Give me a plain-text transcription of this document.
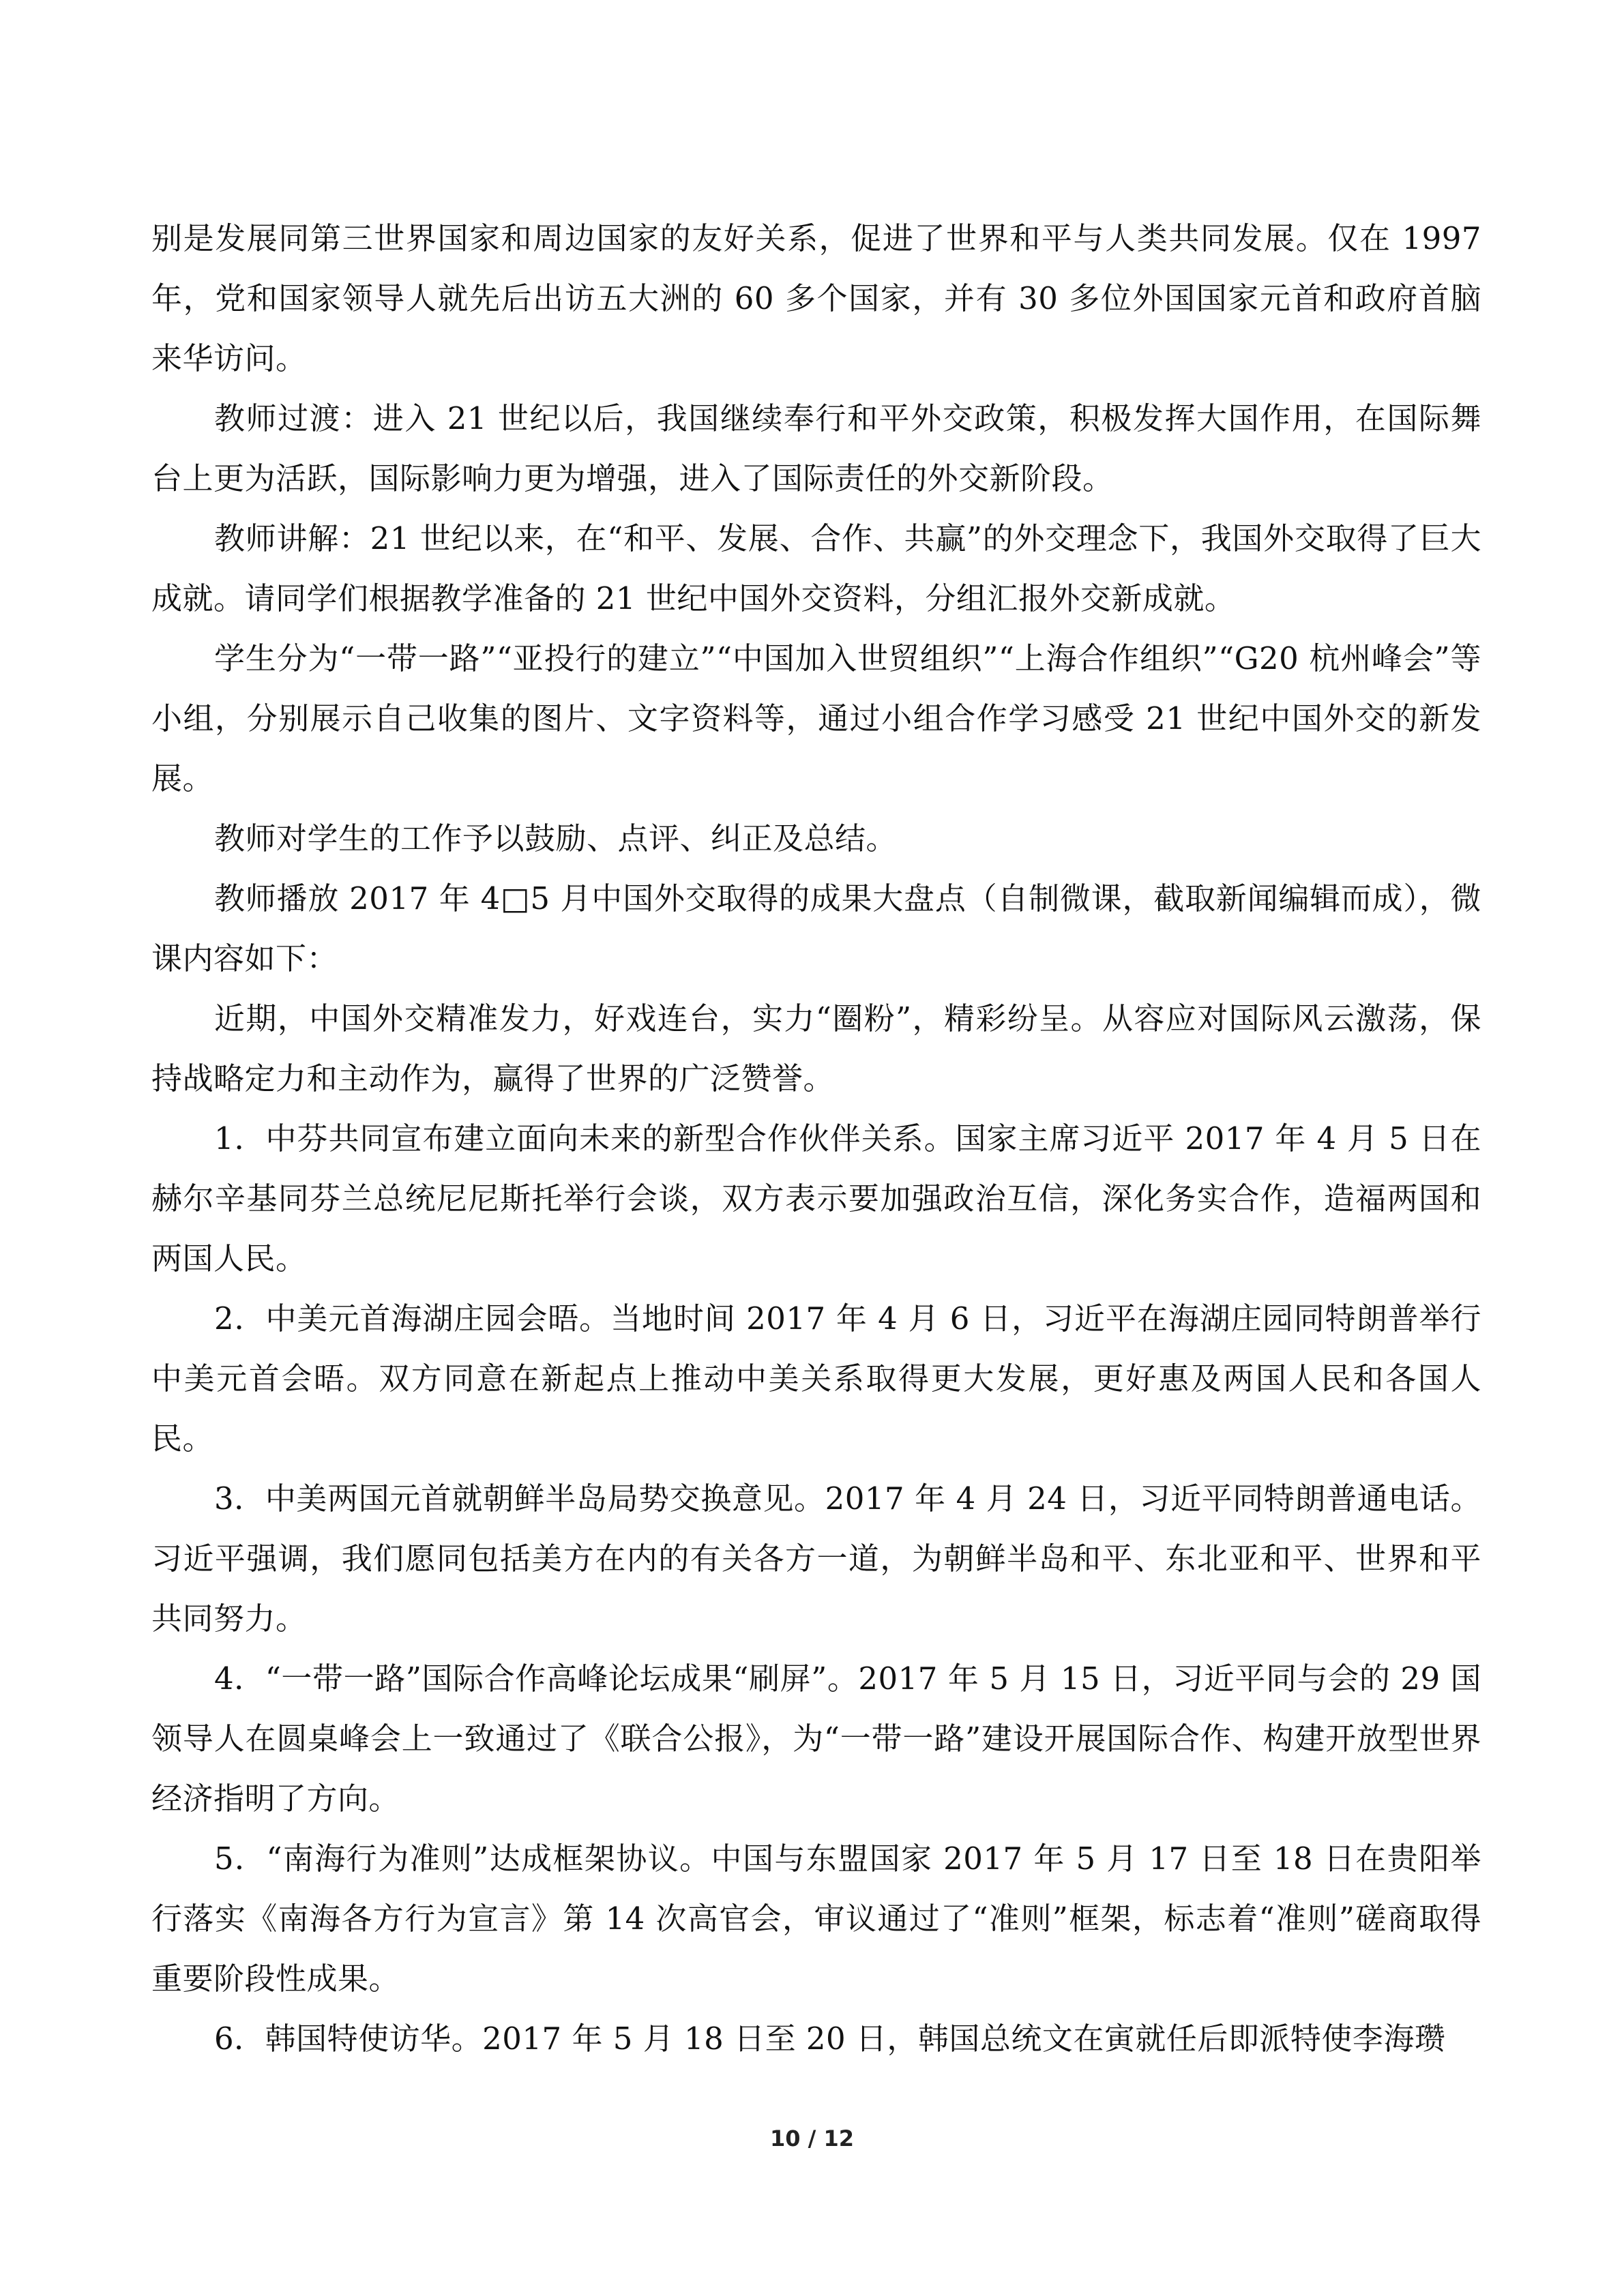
别是发展同第三世界国家和周边国家的友好关系，促进了世界和平与人类共同发展。仅在 1997 年，党和国家领导人就先后出访五大洲的 60 多个国家，并有 30 多位外国国家元首和政府首脑来华访问。

教师过渡：进入 21 世纪以后，我国继续奉行和平外交政策，积极发挥大国作用，在国际舞台上更为活跃，国际影响力更为增强，进入了国际责任的外交新阶段。

教师讲解：21 世纪以来，在“和平、发展、合作、共赢”的外交理念下，我国外交取得了巨大成就。请同学们根据教学准备的 21 世纪中国外交资料，分组汇报外交新成就。

学生分为“一带一路”“亚投行的建立”“中国加入世贸组织”“上海合作组织”“G20 杭州峰会”等小组，分别展示自己收集的图片、文字资料等，通过小组合作学习感受 21 世纪中国外交的新发展。

教师对学生的工作予以鼓励、点评、纠正及总结。

教师播放 2017 年 4□5 月中国外交取得的成果大盘点（自制微课，截取新闻编辑而成），微课内容如下：

近期，中国外交精准发力，好戏连台，实力“圈粉”，精彩纷呈。从容应对国际风云激荡，保持战略定力和主动作为，赢得了世界的广泛赞誉。

1．中芬共同宣布建立面向未来的新型合作伙伴关系。国家主席习近平 2017 年 4 月 5 日在赫尔辛基同芬兰总统尼尼斯托举行会谈，双方表示要加强政治互信，深化务实合作，造福两国和两国人民。

2．中美元首海湖庄园会晤。当地时间 2017 年 4 月 6 日，习近平在海湖庄园同特朗普举行中美元首会晤。双方同意在新起点上推动中美关系取得更大发展，更好惠及两国人民和各国人民。

3．中美两国元首就朝鲜半岛局势交换意见。2017 年 4 月 24 日，习近平同特朗普通电话。习近平强调，我们愿同包括美方在内的有关各方一道，为朝鲜半岛和平、东北亚和平、世界和平共同努力。

4．“一带一路”国际合作高峰论坛成果“刷屏”。2017 年 5 月 15 日，习近平同与会的 29 国领导人在圆桌峰会上一致通过了《联合公报》，为“一带一路”建设开展国际合作、构建开放型世界经济指明了方向。

5．“南海行为准则”达成框架协议。中国与东盟国家 2017 年 5 月 17 日至 18 日在贵阳举行落实《南海各方行为宣言》第 14 次高官会，审议通过了“准则”框架，标志着“准则”磋商取得重要阶段性成果。

6．韩国特使访华。2017 年 5 月 18 日至 20 日，韩国总统文在寅就任后即派特使李海瓒

10 / 12
